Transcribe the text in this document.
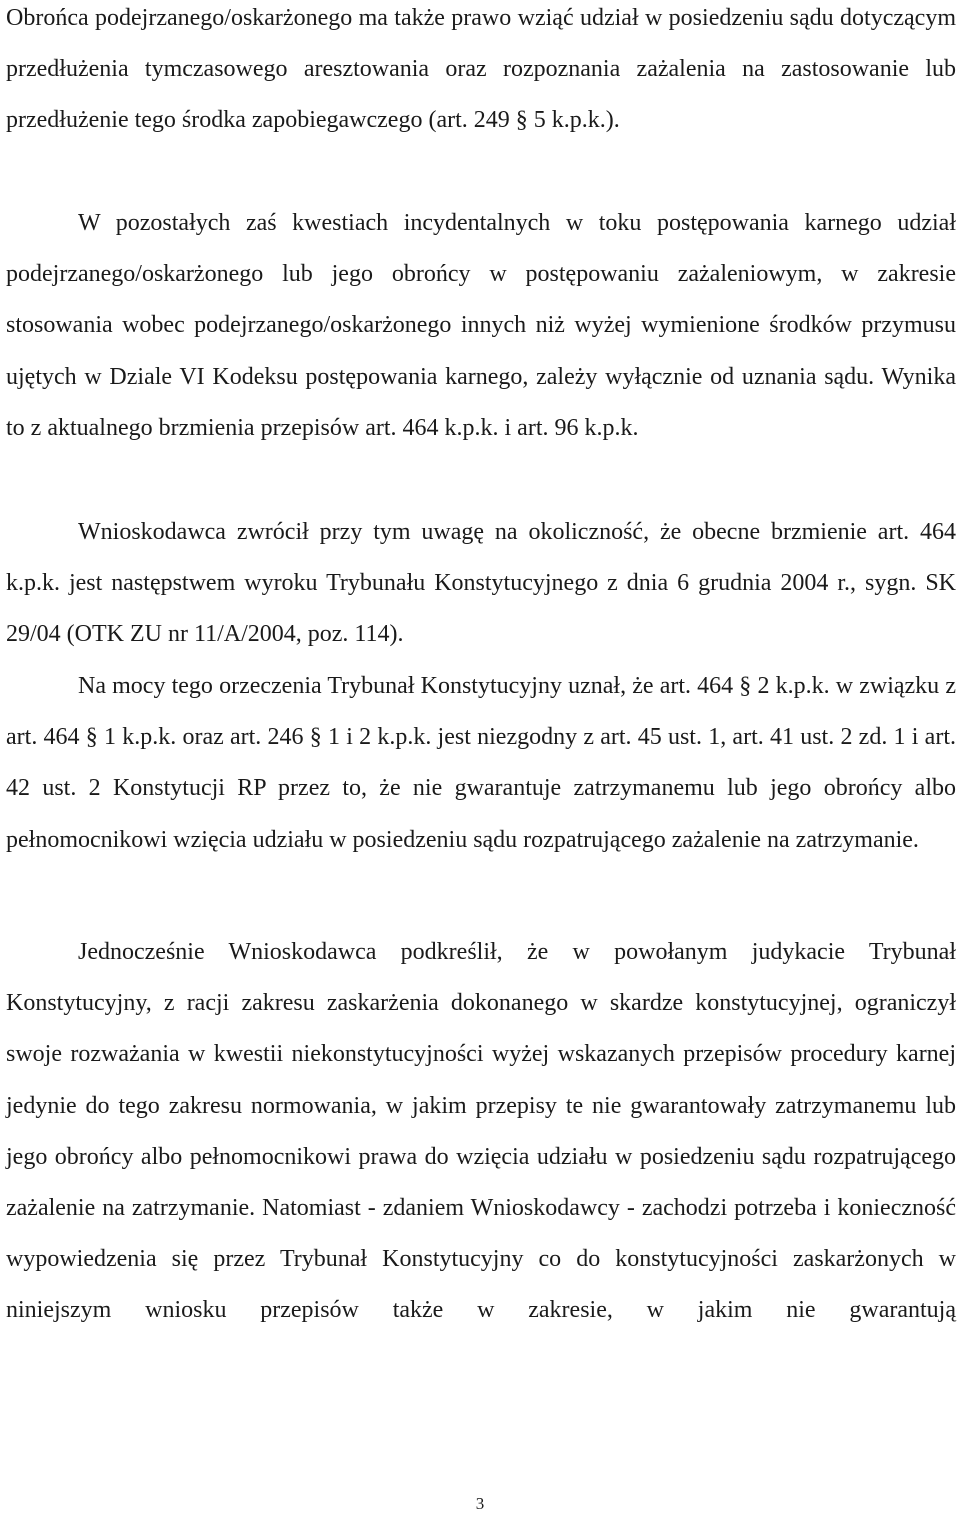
Obrońca podejrzanego/oskarżonego ma także prawo wziąć udział w posiedzeniu sądu dotyczącym przedłużenia tymczasowego aresztowania oraz rozpoznania zażalenia na zastosowanie lub przedłużenie tego środka zapobiegawczego (art. 249 § 5 k.p.k.).

W pozostałych zaś kwestiach incydentalnych w toku postępowania karnego udział podejrzanego/oskarżonego lub jego obrońcy w postępowaniu zażaleniowym, w zakresie stosowania wobec podejrzanego/oskarżonego innych niż wyżej wymienione środków przymusu ujętych w Dziale VI Kodeksu postępowania karnego, zależy wyłącznie od uznania sądu. Wynika to z aktualnego brzmienia przepisów art. 464 k.p.k. i art. 96 k.p.k.

Wnioskodawca zwrócił przy tym uwagę na okoliczność, że obecne brzmienie art. 464 k.p.k. jest następstwem wyroku Trybunału Konstytucyjnego z dnia 6 grudnia 2004 r., sygn. SK 29/04 (OTK ZU nr 11/A/2004, poz. 114).

Na mocy tego orzeczenia Trybunał Konstytucyjny uznał, że art. 464 § 2 k.p.k. w związku z art. 464 § 1 k.p.k. oraz art. 246 § 1 i 2 k.p.k. jest niezgodny z art. 45 ust. 1, art. 41 ust. 2 zd. 1 i art. 42 ust. 2 Konstytucji RP przez to, że nie gwarantuje zatrzymanemu lub jego obrońcy albo pełnomocnikowi wzięcia udziału w posiedzeniu sądu rozpatrującego zażalenie na zatrzymanie.

Jednocześnie Wnioskodawca podkreślił, że w powołanym judykacie Trybunał Konstytucyjny, z racji zakresu zaskarżenia dokonanego w skardze konstytucyjnej, ograniczył swoje rozważania w kwestii niekonstytucyjności wyżej wskazanych przepisów procedury karnej jedynie do tego zakresu normowania, w jakim przepisy te nie gwarantowały zatrzymanemu lub jego obrońcy albo pełnomocnikowi prawa do wzięcia udziału w posiedzeniu sądu rozpatrującego zażalenie na zatrzymanie. Natomiast - zdaniem Wnioskodawcy - zachodzi potrzeba i konieczność wypowiedzenia się przez Trybunał Konstytucyjny co do konstytucyjności zaskarżonych w niniejszym wniosku przepisów także w zakresie, w jakim nie gwarantują

3
